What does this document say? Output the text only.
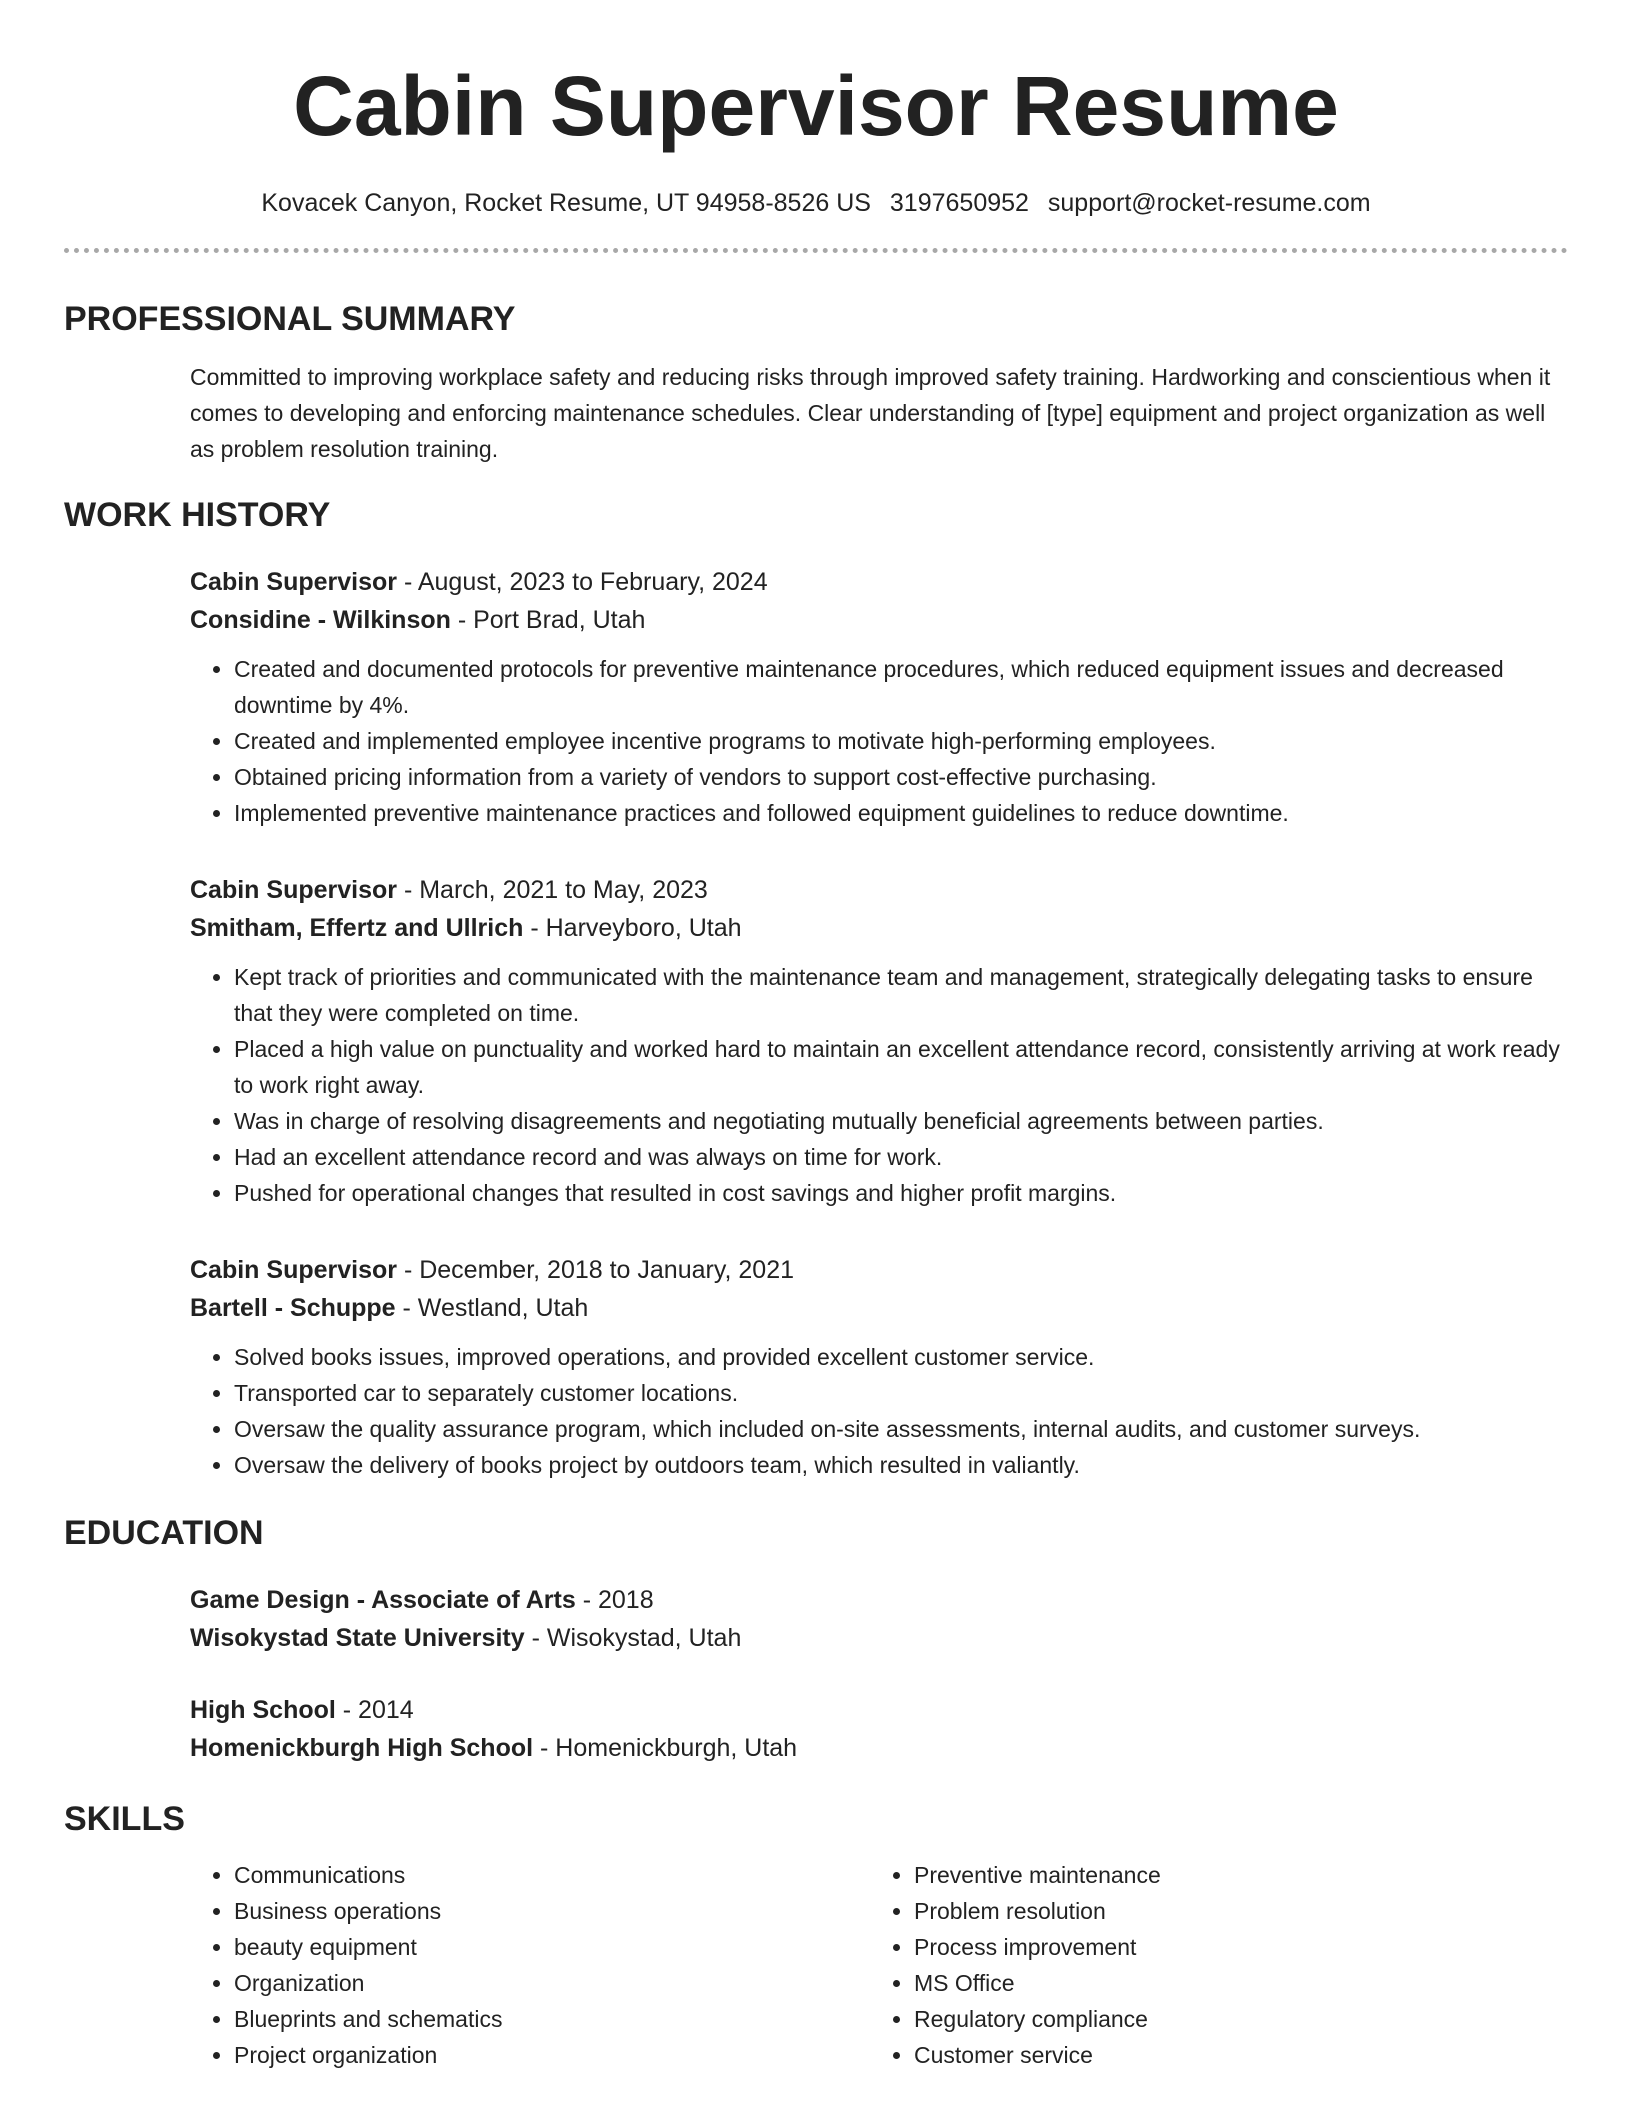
Cabin Supervisor Resume
Kovacek Canyon, Rocket Resume, UT 94958-8526 US 3197650952 support@rocket-resume.com
PROFESSIONAL SUMMARY
Committed to improving workplace safety and reducing risks through improved safety training. Hardworking and conscientious when it comes to developing and enforcing maintenance schedules. Clear understanding of [type] equipment and project organization as well as problem resolution training.
WORK HISTORY
Cabin Supervisor - August, 2023 to February, 2024
Considine - Wilkinson - Port Brad, Utah
• Created and documented protocols for preventive maintenance procedures, which reduced equipment issues and decreased downtime by 4%.
• Created and implemented employee incentive programs to motivate high-performing employees.
• Obtained pricing information from a variety of vendors to support cost-effective purchasing.
• Implemented preventive maintenance practices and followed equipment guidelines to reduce downtime.
Cabin Supervisor - March, 2021 to May, 2023
Smitham, Effertz and Ullrich - Harveyboro, Utah
• Kept track of priorities and communicated with the maintenance team and management, strategically delegating tasks to ensure that they were completed on time.
• Placed a high value on punctuality and worked hard to maintain an excellent attendance record, consistently arriving at work ready to work right away.
• Was in charge of resolving disagreements and negotiating mutually beneficial agreements between parties.
• Had an excellent attendance record and was always on time for work.
• Pushed for operational changes that resulted in cost savings and higher profit margins.
Cabin Supervisor - December, 2018 to January, 2021
Bartell - Schuppe - Westland, Utah
• Solved books issues, improved operations, and provided excellent customer service.
• Transported car to separately customer locations.
• Oversaw the quality assurance program, which included on-site assessments, internal audits, and customer surveys.
• Oversaw the delivery of books project by outdoors team, which resulted in valiantly.
EDUCATION
Game Design - Associate of Arts - 2018
Wisokystad State University - Wisokystad, Utah
High School - 2014
Homenickburgh High School - Homenickburgh, Utah
SKILLS
• Communications
• Business operations
• beauty equipment
• Organization
• Blueprints and schematics
• Project organization
• Preventive maintenance
• Problem resolution
• Process improvement
• MS Office
• Regulatory compliance
• Customer service
